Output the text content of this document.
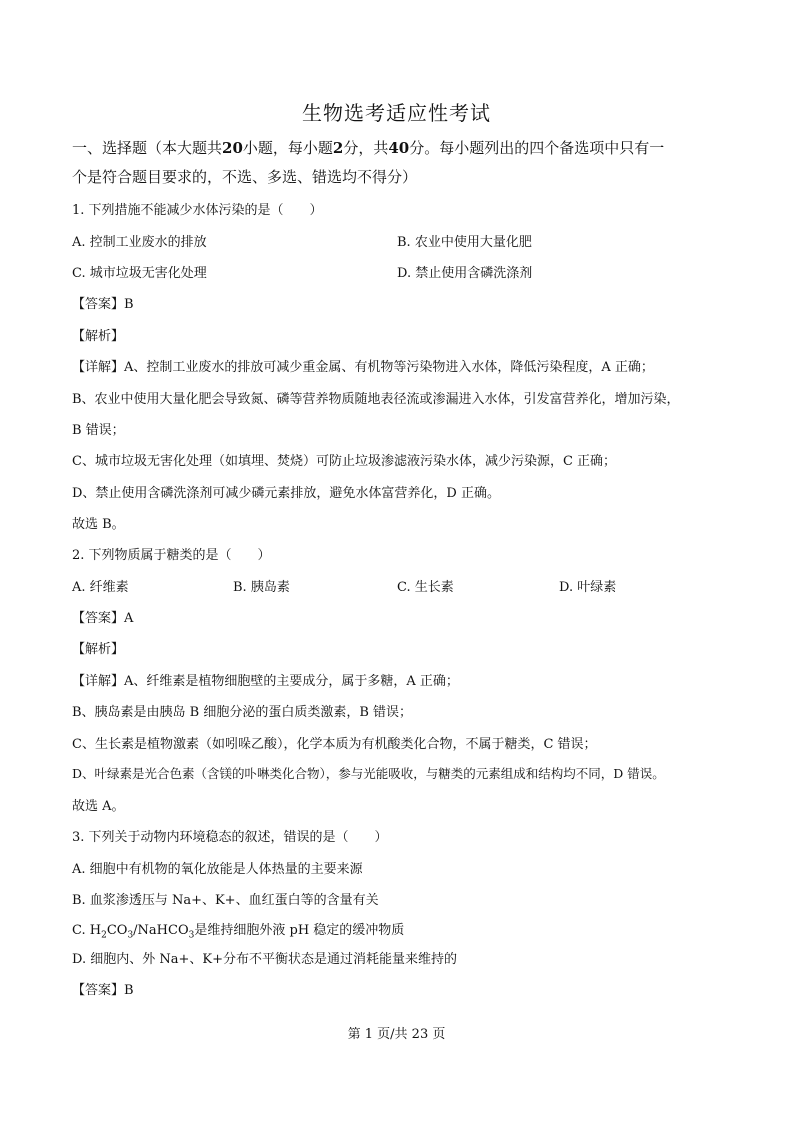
生物选考适应性考试
一、选择题（本大题共20小题，每小题2分，共40分。每小题列出的四个备选项中只有一
个是符合题目要求的，不选、多选、错选均不得分）
1. 下列措施不能减少水体污染的是（　　）
A. 控制工业废水的排放	B. 农业中使用大量化肥
C. 城市垃圾无害化处理	D. 禁止使用含磷洗涤剂
【答案】B
【解析】
【详解】A、控制工业废水的排放可减少重金属、有机物等污染物进入水体，降低污染程度，A 正确；
B、农业中使用大量化肥会导致氮、磷等营养物质随地表径流或渗漏进入水体，引发富营养化，增加污染，
B 错误；
C、城市垃圾无害化处理（如填埋、焚烧）可防止垃圾渗滤液污染水体，减少污染源，C 正确；
D、禁止使用含磷洗涤剂可减少磷元素排放，避免水体富营养化，D 正确。
故选 B。
2. 下列物质属于糖类的是（　　）
A. 纤维素	B. 胰岛素	C. 生长素	D. 叶绿素
【答案】A
【解析】
【详解】A、纤维素是植物细胞壁的主要成分，属于多糖，A 正确；
B、胰岛素是由胰岛 B 细胞分泌的蛋白质类激素，B 错误；
C、生长素是植物激素（如吲哚乙酸），化学本质为有机酸类化合物，不属于糖类，C 错误；
D、叶绿素是光合色素（含镁的卟啉类化合物），参与光能吸收，与糖类的元素组成和结构均不同，D 错误。
故选 A。
3. 下列关于动物内环境稳态的叙述，错误的是（　　）
A. 细胞中有机物的氧化放能是人体热量的主要来源
B. 血浆渗透压与 Na+、K+、血红蛋白等的含量有关
C. $H_2CO_3/NaHCO_3$是维持细胞外液 pH 稳定的缓冲物质
D. 细胞内、外 Na+、K+分布不平衡状态是通过消耗能量来维持的
【答案】B
第 1 页/共 23 页
